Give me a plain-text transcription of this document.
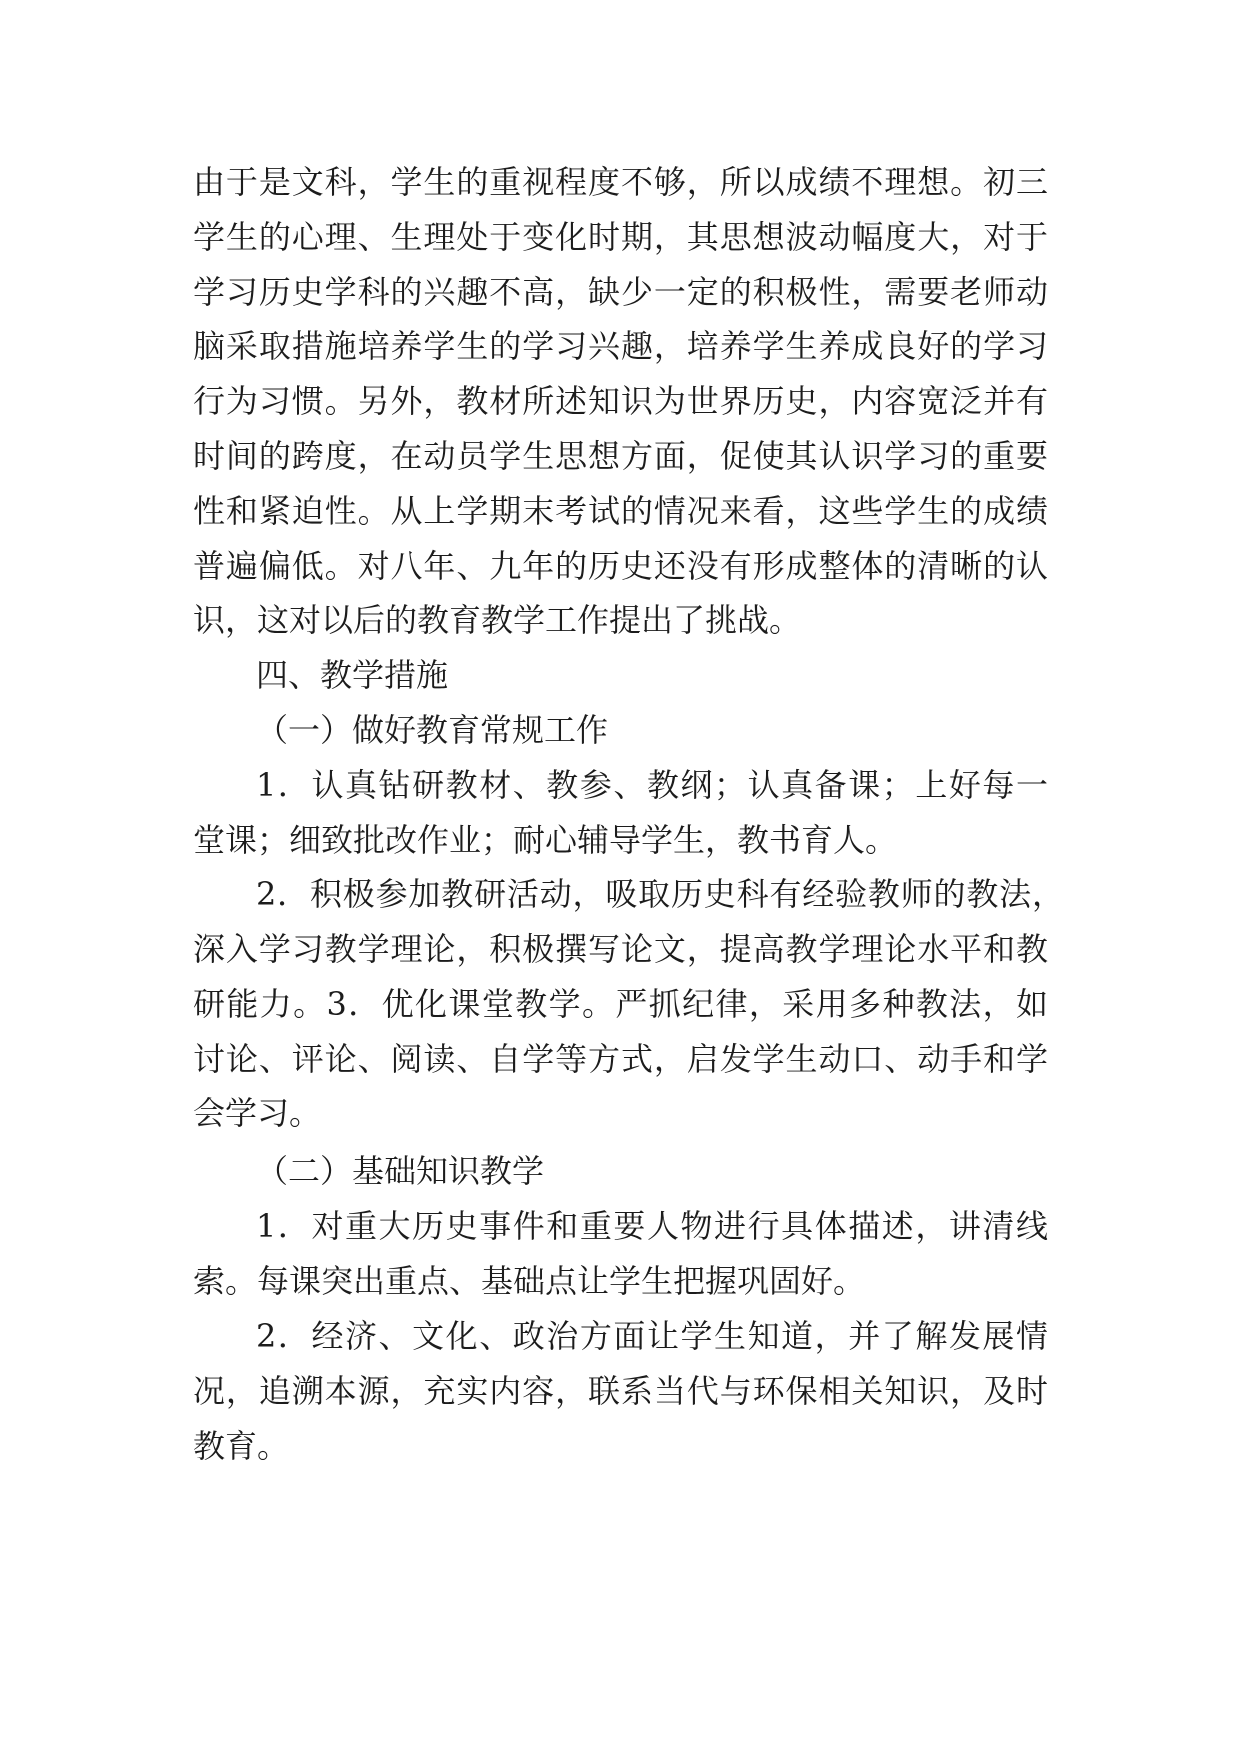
由于是文科，学生的重视程度不够，所以成绩不理想。初三
学生的心理、生理处于变化时期，其思想波动幅度大，对于
学习历史学科的兴趣不高，缺少一定的积极性，需要老师动
脑采取措施培养学生的学习兴趣，培养学生养成良好的学习
行为习惯。另外，教材所述知识为世界历史，内容宽泛并有
时间的跨度，在动员学生思想方面，促使其认识学习的重要
性和紧迫性。从上学期末考试的情况来看，这些学生的成绩
普遍偏低。对八年、九年的历史还没有形成整体的清晰的认
识，这对以后的教育教学工作提出了挑战。
四、教学措施
（一）做好教育常规工作
1．认真钻研教材、教参、教纲；认真备课；上好每一
堂课；细致批改作业；耐心辅导学生，教书育人。
2．积极参加教研活动，吸取历史科有经验教师的教法，
深入学习教学理论，积极撰写论文，提高教学理论水平和教
研能力。3．优化课堂教学。严抓纪律，采用多种教法，如
讨论、评论、阅读、自学等方式，启发学生动口、动手和学
会学习。
（二）基础知识教学
1．对重大历史事件和重要人物进行具体描述，讲清线
索。每课突出重点、基础点让学生把握巩固好。
2．经济、文化、政治方面让学生知道，并了解发展情
况，追溯本源，充实内容，联系当代与环保相关知识，及时
教育。
